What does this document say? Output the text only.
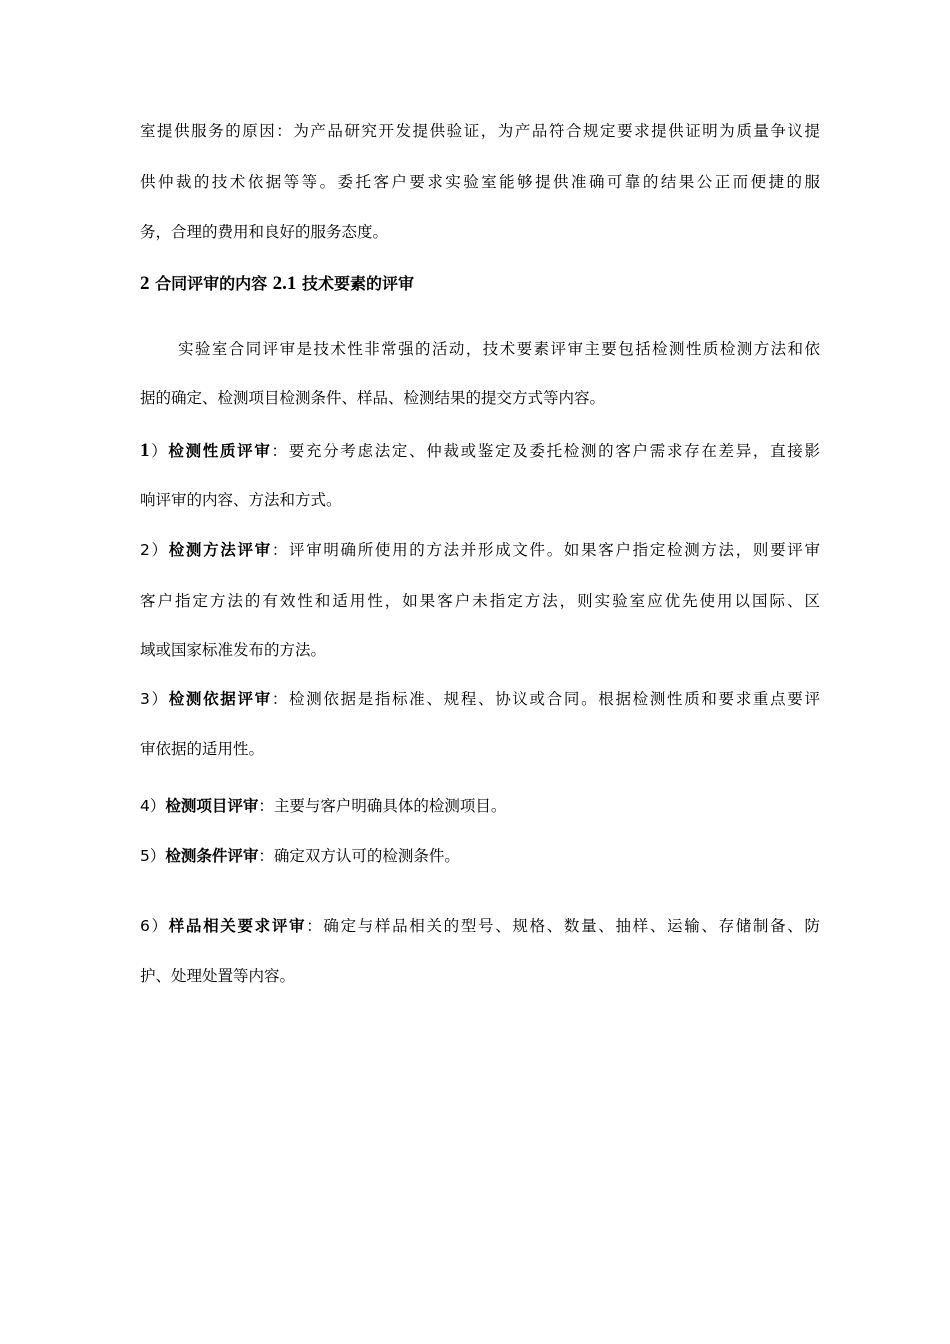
室提供服务的原因：为产品研究开发提供验证，为产品符合规定要求提供证明为质量争议提
供仲裁的技术依据等等。委托客户要求实验室能够提供准确可靠的结果公正而便捷的服
务，合理的费用和良好的服务态度。
2 合同评审的内容 2.1 技术要素的评审
实验室合同评审是技术性非常强的活动，技术要素评审主要包括检测性质检测方法和依
据的确定、检测项目检测条件、样品、检测结果的提交方式等内容。
1）检测性质评审：要充分考虑法定、仲裁或鉴定及委托检测的客户需求存在差异，直接影
响评审的内容、方法和方式。
2）检测方法评审：评审明确所使用的方法并形成文件。如果客户指定检测方法，则要评审
客户指定方法的有效性和适用性，如果客户未指定方法，则实验室应优先使用以国际、区
域或国家标准发布的方法。
3）检测依据评审：检测依据是指标准、规程、协议或合同。根据检测性质和要求重点要评
审依据的适用性。
4）检测项目评审：主要与客户明确具体的检测项目。
5）检测条件评审：确定双方认可的检测条件。
6）样品相关要求评审：确定与样品相关的型号、规格、数量、抽样、运输、存储制备、防
护、处理处置等内容。
